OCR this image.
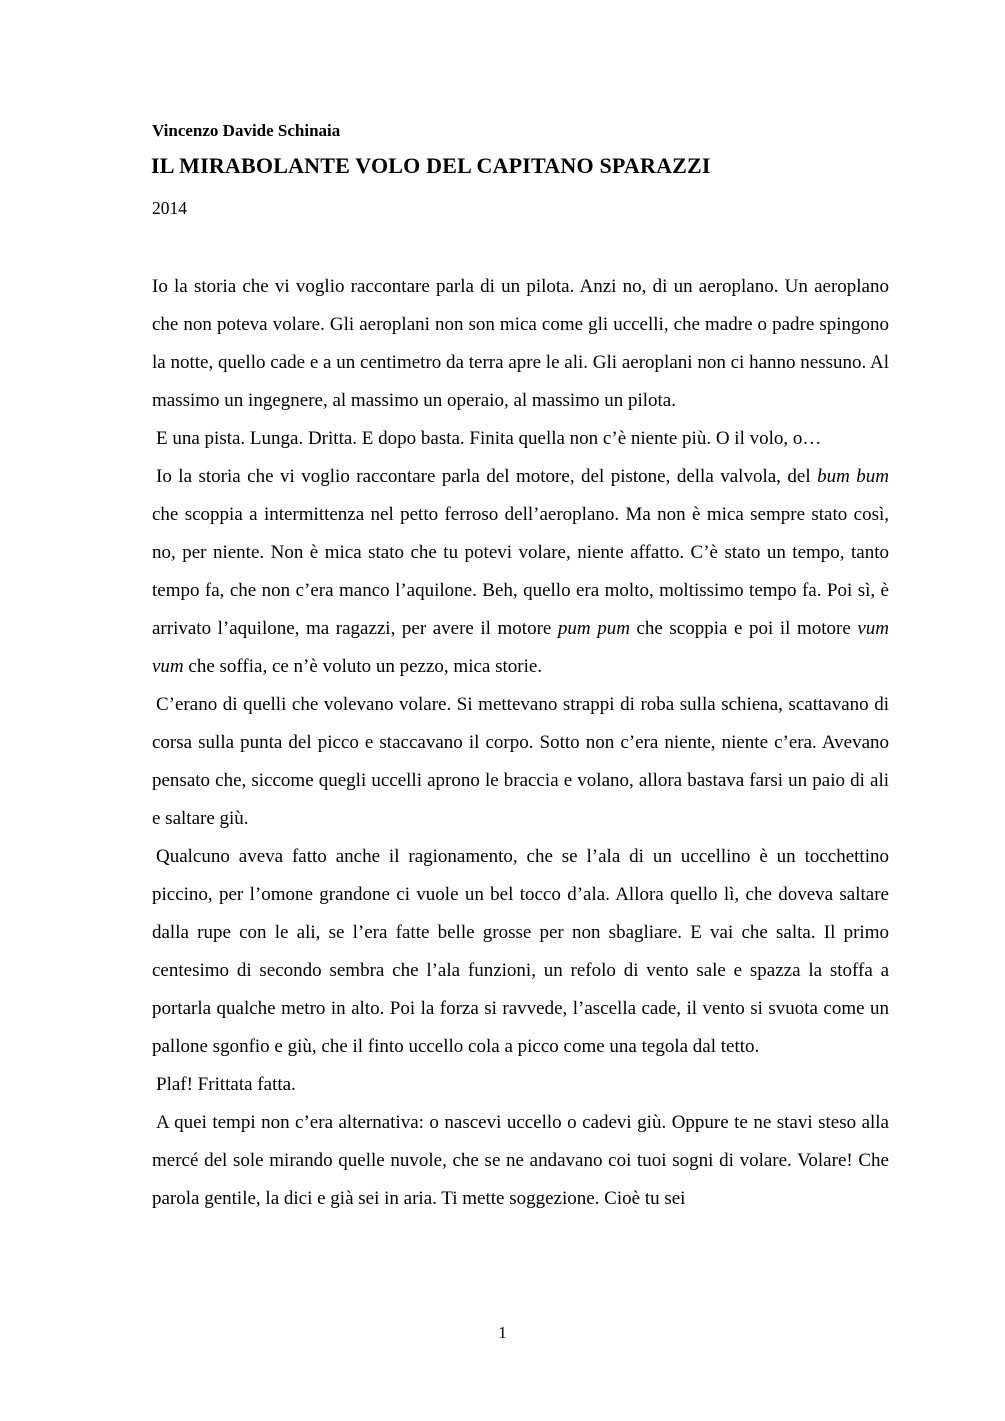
Vincenzo Davide Schinaia
IL MIRABOLANTE VOLO DEL CAPITANO SPARAZZI
2014

Io la storia che vi voglio raccontare parla di un pilota. Anzi no, di un aeroplano. Un aeroplano che non poteva volare. Gli aeroplani non son mica come gli uccelli, che madre o padre spingono la notte, quello cade e a un centimetro da terra apre le ali. Gli aeroplani non ci hanno nessuno. Al massimo un ingegnere, al massimo un operaio, al massimo un pilota.

E una pista. Lunga. Dritta. E dopo basta. Finita quella non c’è niente più. O il volo, o…

Io la storia che vi voglio raccontare parla del motore, del pistone, della valvola, del bum bum che scoppia a intermittenza nel petto ferroso dell’aeroplano. Ma non è mica sempre stato così, no, per niente. Non è mica stato che tu potevi volare, niente affatto. C’è stato un tempo, tanto tempo fa, che non c’era manco l’aquilone. Beh, quello era molto, moltissimo tempo fa. Poi sì, è arrivato l’aquilone, ma ragazzi, per avere il motore pum pum che scoppia e poi il motore vum vum che soffia, ce n’è voluto un pezzo, mica storie.

C’erano di quelli che volevano volare. Si mettevano strappi di roba sulla schiena, scattavano di corsa sulla punta del picco e staccavano il corpo. Sotto non c’era niente, niente c’era. Avevano pensato che, siccome quegli uccelli aprono le braccia e volano, allora bastava farsi un paio di ali e saltare giù.

Qualcuno aveva fatto anche il ragionamento, che se l’ala di un uccellino è un tocchettino piccino, per l’omone grandone ci vuole un bel tocco d’ala. Allora quello lì, che doveva saltare dalla rupe con le ali, se l’era fatte belle grosse per non sbagliare. E vai che salta. Il primo centesimo di secondo sembra che l’ala funzioni, un refolo di vento sale e spazza la stoffa a portarla qualche metro in alto. Poi la forza si ravvede, l’ascella cade, il vento si svuota come un pallone sgonfio e giù, che il finto uccello cola a picco come una tegola dal tetto.

Plaf! Frittata fatta.

A quei tempi non c’era alternativa: o nascevi uccello o cadevi giù. Oppure te ne stavi steso alla mercé del sole mirando quelle nuvole, che se ne andavano coi tuoi sogni di volare. Volare! Che parola gentile, la dici e già sei in aria. Ti mette soggezione. Cioè tu sei

1
